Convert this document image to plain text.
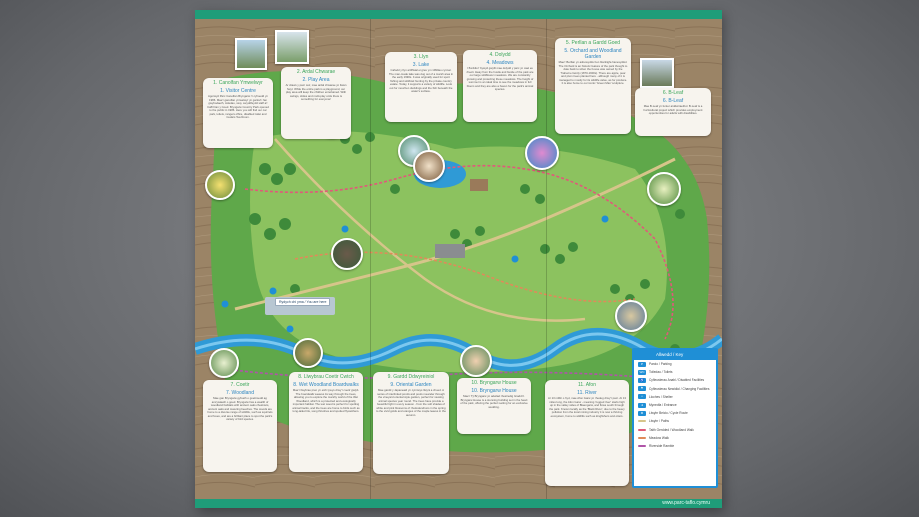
www.parc-taflo.cymru
Rydych chi yma / You are here
1. Canolfan Ymwelwyr
1. Visitor Centre
Agorwyd Parc Canolfan Bryngarw i'r cyhoedd yn 1986. Mae'r ganolfan ymwelwyr yn gartref i fan gwybodaeth, toiledau, siop, swyddfeydd staff a'r Caffi Dan y Coed. Bryngarw Country Park opened to the public in 1986. Here you will find our car park, toilets, rangers office, disabled toilet and Cedars Tea Room.
2. Ardal Chwarae
2. Play Area
Ar draws y parc ceir, mae ardal chwarae yn llawn hwyl. While the entire park is a playground, our play area will keep the children entertained. With swings, slides and multi-play units there is something for everyone!
3. Llyn
3. Lake
Cafodd y llyn artiffisial ei greu ym 1990au cynnar. The man-made lake was dug out of a marsh area in the early 1990s. It was originally used for sport fishing and wildfowl hunting by the private country estate. Today, it supports a variety of wildlife. Look out for moorhen ducklings and the fish beneath the water's surface.
4. Dolydd
4. Meadows
I fforddio'r bywyd gwyllt mae dolydd y parc yn cael eu rheoli. Away from the hustle and bustle of the park are our large wildflower meadows. We are constantly growing and protecting these meadows. The height of summer is an ideal time to see the meadows in full bloom and they are also a haven for the park's animal species.
5. Perllan a Gardd Goed
5. Orchard and Woodland Garden
Mae'r Berllan yn adnewyddu hen blanhigfa hanesyddol. The Orchard is an historic feature of the park thought to date back to when the house was owned by the Traherne family (1870-1900s). There are apple, pear and plum trees planted here - although many of it is managed to mostly for its wildlife value, as for produce. It is also home to our iconic 'Green Man' sculpture.
6. B-Leaf
6. B-Leaf
Mae B-Leaf yn fenter arddwriaethol. B-Leaf is a horticultural project which provides employment opportunities for adults with disabilities.
7. Coetir
7. Woodland
Mae gan Bryngarw gyfoeth o goetiroedd ag amrywiaeth o goed. Bryngarw has a wealth of woodland habitats with ancient oaks chestnuts, ancient oaks and towering beeches. The woods are home to a diverse range of wildlife, such as squirrels and foxes, and are a brilliant place to spot the park's variety of bird species.
8. Llwybrau Coetir Cwtch
8. Wet Woodland Boardwalks
Mae'r llwybrau pren yn eich tywys drwy'r coetir gwlyb. The boardwalk weaves its way through the trees, allowing you to explore the marshy world of the Wet Woodland, which is a protected and ecologically important habitat. The wet wood is perfect for spotting animal tracks, and the trees are home to birds such as long-tailed tits, song thrushes and spotted flycatchers.
9. Gardd Ddwyreiniol
9. Oriental Garden
Mae gardd y Japaneaid yn cynnwys llwyni a choed. A series of interlinked ponds and pools meander through the vineyard oriental style garden, perfect for viewing animal species year round. The trees have provide a beautiful light in every season - from the soft shades of white and pink blossoms of rhododendrons in the spring to the vivid golds and oranges of the maple leaves in the autumn.
10. Bryngarw House
10. Bryngarw House
Mae'r Tŷ Bryngarw yn adeilad rhestredig Gradd II. Bryngarw House is a stunning building set in the heart of the park, offering the perfect setting for an exclusive wedding.
11. Afon
11. River
Ar 13 milltir o hyd, mae Afon Garw yn rhedeg drwy'r parc. At 13 miles long, the Afon Garw - meaning 'rugged river' starts high up in the valley sides of Blaengarw, and flows south through the park. Known locally as the 'Black River', due to the heavy pollution from the local mining industry it is now a thriving ecosystem, home to wildlife such as kingfishers and otters.
Allwedd / Key
P	Parcio / Parking
WC	Toiledau / Toilets
♿	Cyfleusterau Anabl / Disabled Facilities
⚑	Cyfleusterau Newidiol / Changing Facilities
⌂	Lloches / Shelter
➜	Mynedfa / Entrance
⚙	Llwybr Beicio / Cycle Route
Llwybr / Paths
Taith Gerdded / Woodland Walk
Meadow Walk
Riverside Ramble
